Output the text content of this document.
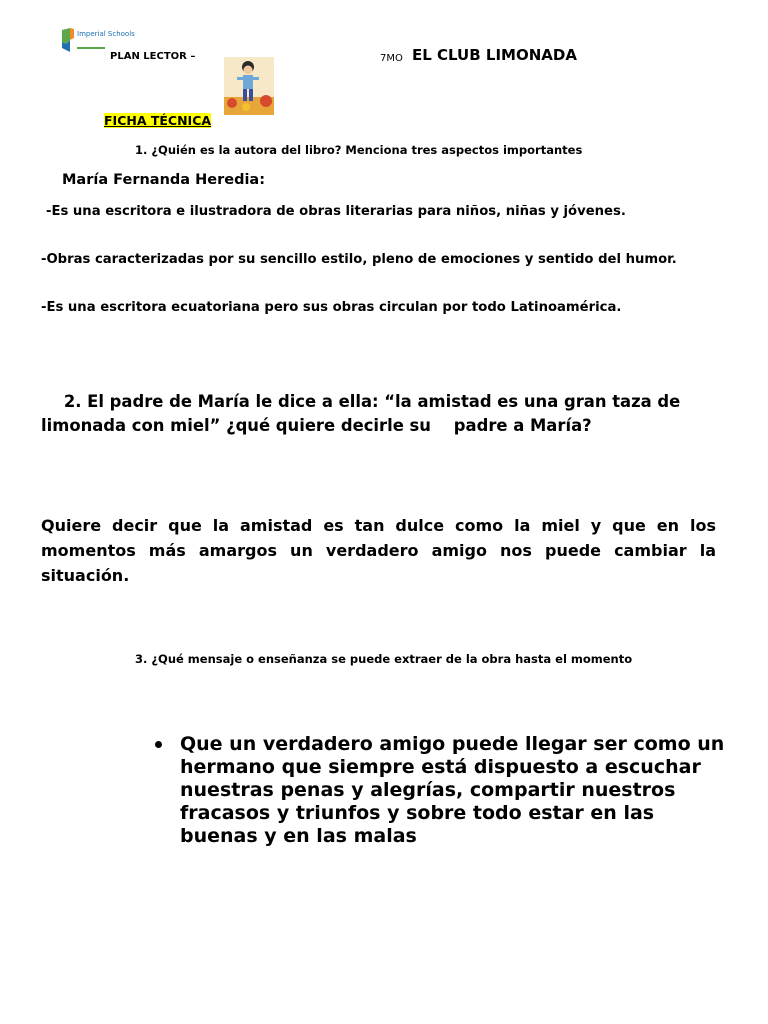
Imperial Schools
PLAN LECTOR –	7MO EL CLUB LIMONADA
FICHA TÉCNICA
1. ¿Quién es la autora del libro? Menciona tres aspectos importantes
María Fernanda Heredia:
-Es una escritora e ilustradora de obras literarias para niños, niñas y jóvenes.
-Obras caracterizadas por su sencillo estilo, pleno de emociones y sentido del humor.
-Es una escritora ecuatoriana pero sus obras circulan por todo Latinoamérica.
2. El padre de María le dice a ella: “la amistad es una gran taza de limonada con miel” ¿qué quiere decirle su    padre a María?
Quiere decir que la amistad es tan dulce como la miel y que en los momentos más amargos un verdadero amigo nos puede cambiar la situación.
3. ¿Qué mensaje o enseñanza se puede extraer de la obra hasta el momento
Que un verdadero amigo puede llegar ser como un hermano que siempre está dispuesto a escuchar nuestras penas y alegrías, compartir nuestros fracasos y triunfos y sobre todo estar en las buenas y en las malas
